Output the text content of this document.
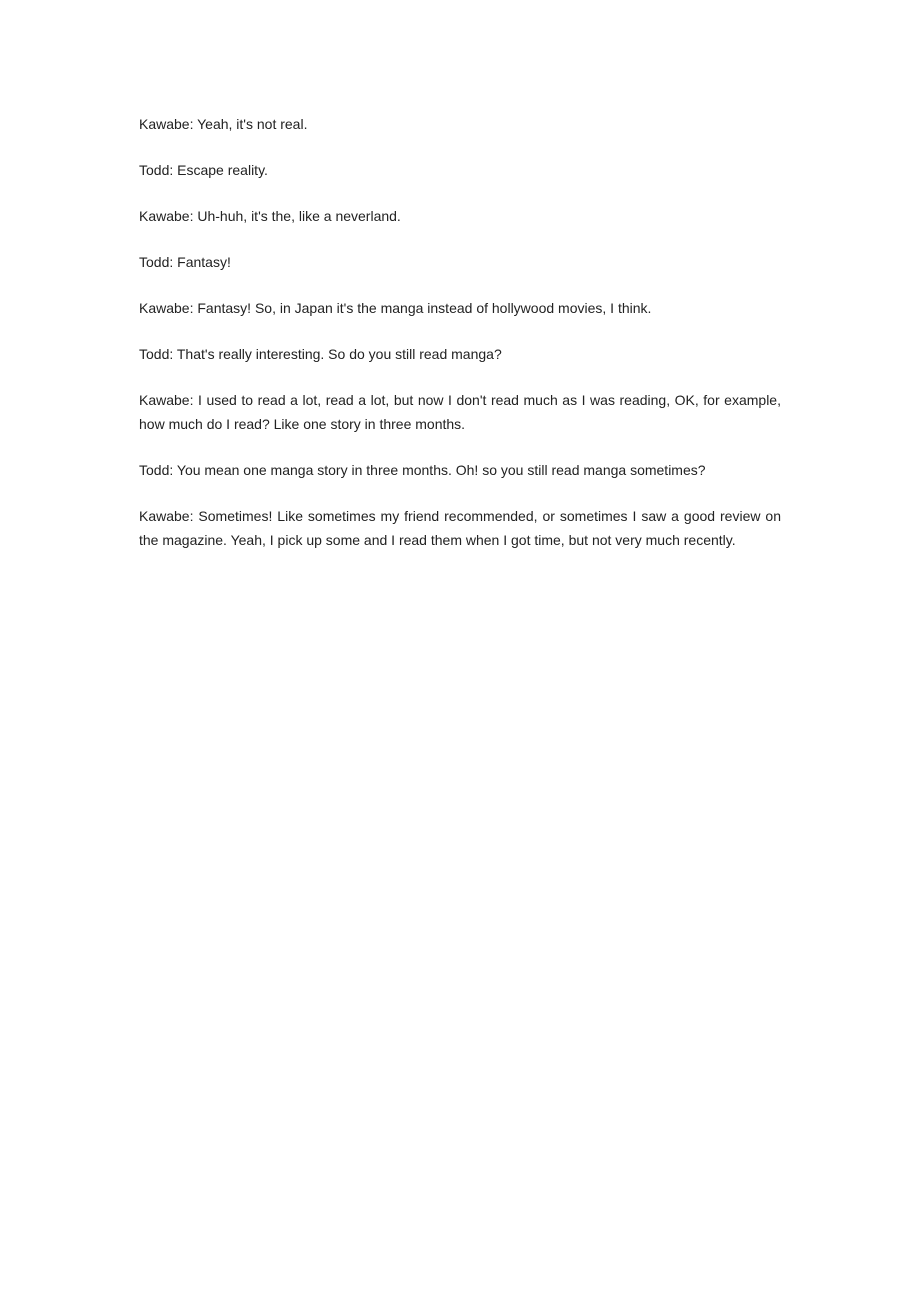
Kawabe: Yeah, it's not real.

Todd: Escape reality.

Kawabe: Uh-huh, it's the, like a neverland.

Todd: Fantasy!

Kawabe: Fantasy! So, in Japan it's the manga instead of hollywood movies, I think.

Todd: That's really interesting. So do you still read manga?

Kawabe: I used to read a lot, read a lot, but now I don't read much as I was reading, OK, for example, how much do I read? Like one story in three months.

Todd: You mean one manga story in three months. Oh! so you still read manga sometimes?

Kawabe: Sometimes! Like sometimes my friend recommended, or sometimes I saw a good review on the magazine. Yeah, I pick up some and I read them when I got time, but not very much recently.
